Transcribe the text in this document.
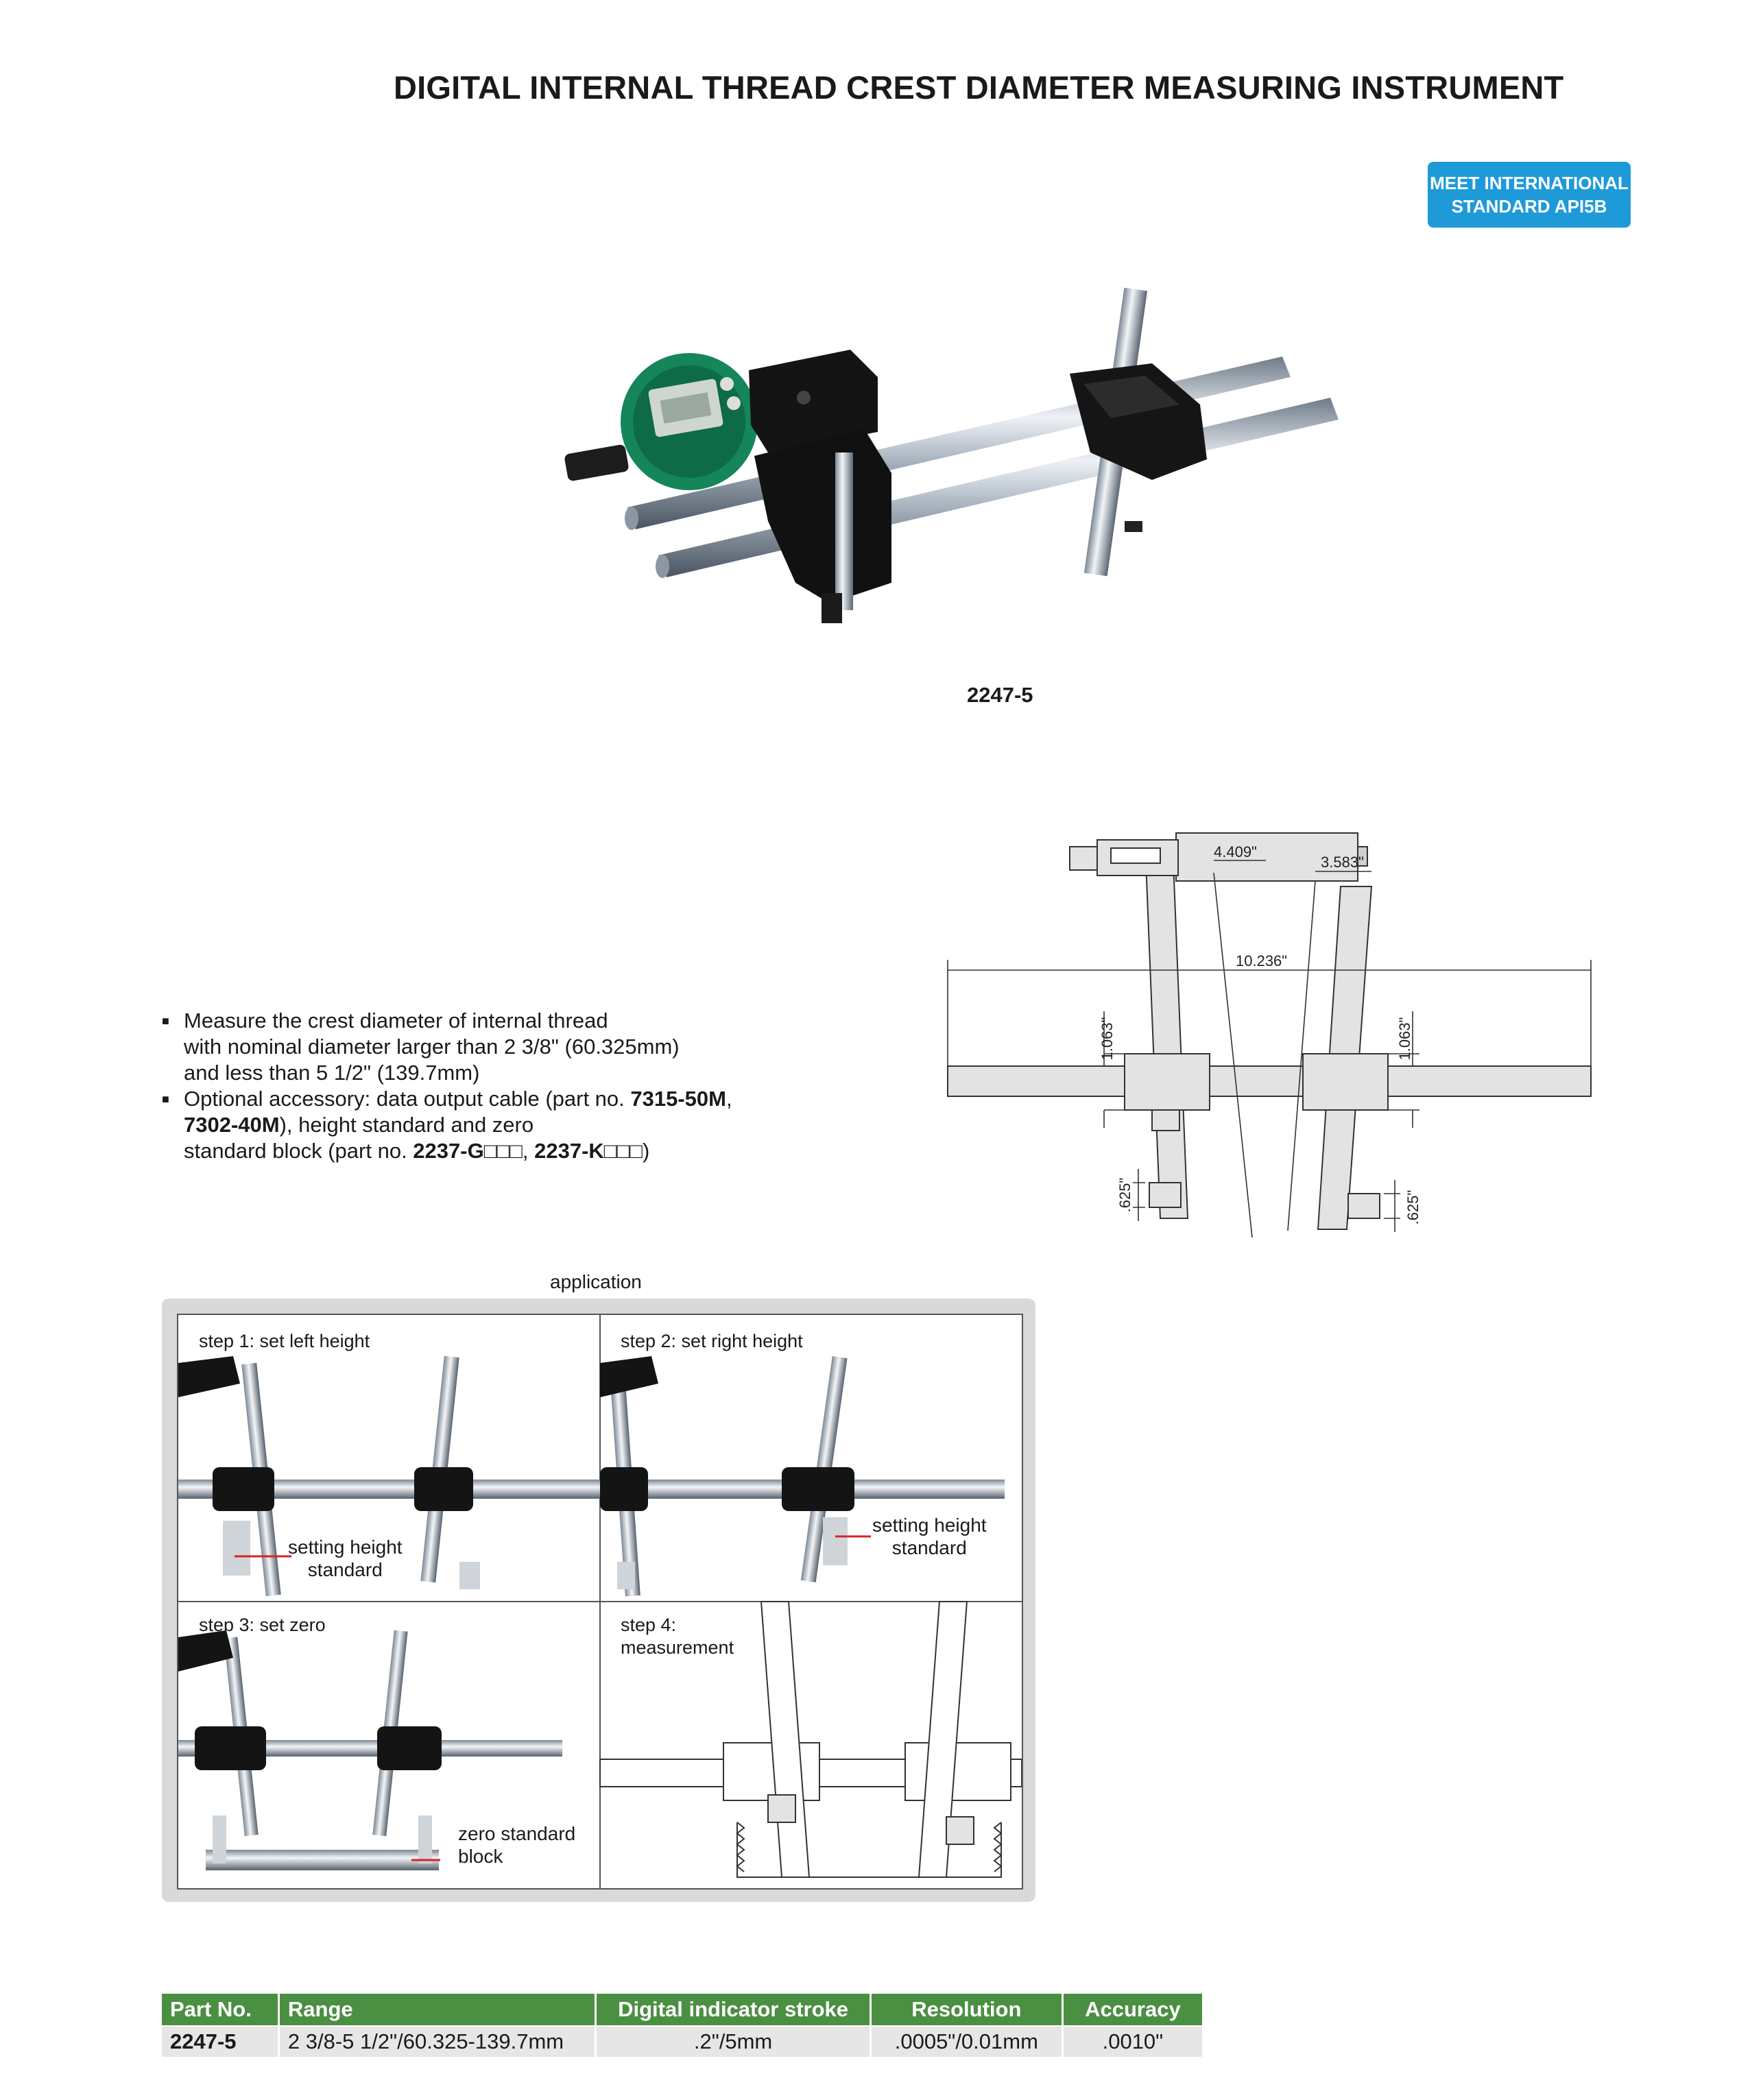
DIGITAL INTERNAL THREAD CREST DIAMETER MEASURING INSTRUMENT
MEET INTERNATIONAL
STANDARD API5B
2247-5
4.409"
3.583"
10.236"
1.063"	1.063"
.625"	.625"
■ Measure the crest diameter of internal thread
with nominal diameter larger than 2 3/8" (60.325mm)
and less than 5 1/2" (139.7mm)
■ Optional accessory: data output cable (part no. 7315-50M,
7302-40M), height standard and zero
standard block (part no. 2237-G□□□, 2237-K□□□)
application
step 1: set left height
setting height
standard
step 2: set right height
setting height
standard
step 3: set zero
zero standard
block
step 4:
measurement
Part No.	Range	Digital indicator stroke	Resolution	Accuracy
2247-5	2 3/8-5 1/2"/60.325-139.7mm	.2"/5mm	.0005"/0.01mm	.0010"
